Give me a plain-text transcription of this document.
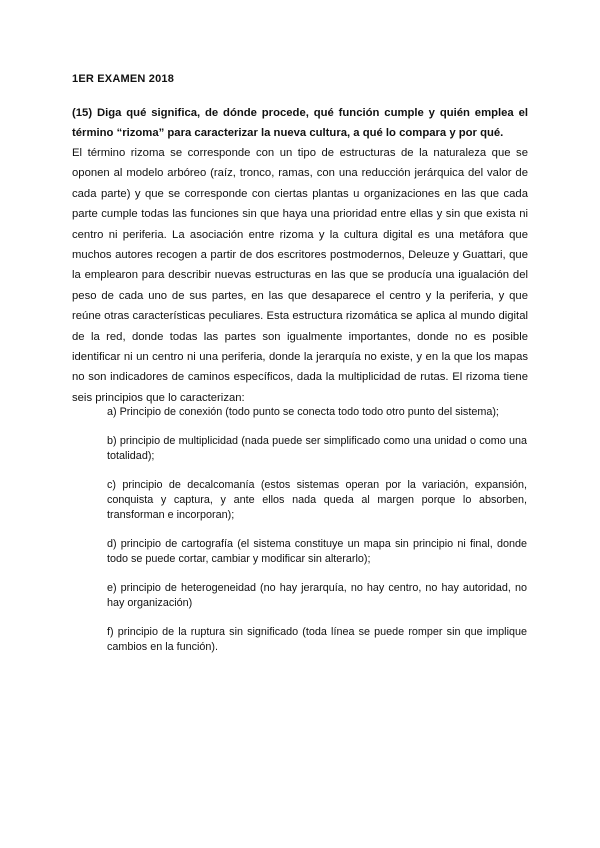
1ER EXAMEN 2018
(15) Diga qué significa, de dónde procede, qué función cumple y quién emplea el término “rizoma” para caracterizar la nueva cultura, a qué lo compara y por qué.
El término rizoma se corresponde con un tipo de estructuras de la naturaleza que se oponen al modelo arbóreo (raíz, tronco, ramas, con una reducción jerárquica del valor de cada parte) y que se corresponde con ciertas plantas u organizaciones en las que cada parte cumple todas las funciones sin que haya una prioridad entre ellas y sin que exista ni centro ni periferia. La asociación entre rizoma y la cultura digital es una metáfora que muchos autores recogen a partir de dos escritores postmodernos, Deleuze y Guattari, que la emplearon para describir nuevas estructuras en las que se producía una igualación del peso de cada uno de sus partes, en las que desaparece el centro y la periferia, y que reúne otras características peculiares. Esta estructura rizomática se aplica al mundo digital de la red, donde todas las partes son igualmente importantes, donde no es posible identificar ni un centro ni una periferia, donde la jerarquía no existe, y en la que los mapas no son indicadores de caminos específicos, dada la multiplicidad de rutas. El rizoma tiene seis principios que lo caracterizan:

a) Principio de conexión (todo punto se conecta todo todo otro punto del sistema);

b) principio de multiplicidad (nada puede ser simplificado como una unidad o como una totalidad);

c) principio de decalcomanía (estos sistemas operan por la variación, expansión, conquista y captura, y ante ellos nada queda al margen porque lo absorben, transforman e incorporan);

d) principio de cartografía (el sistema constituye un mapa sin principio ni final, donde todo se puede cortar, cambiar y modificar sin alterarlo);

e) principio de heterogeneidad (no hay jerarquía, no hay centro, no hay autoridad, no hay organización)

f) principio de la ruptura sin significado (toda línea se puede romper sin que implique cambios en la función).
